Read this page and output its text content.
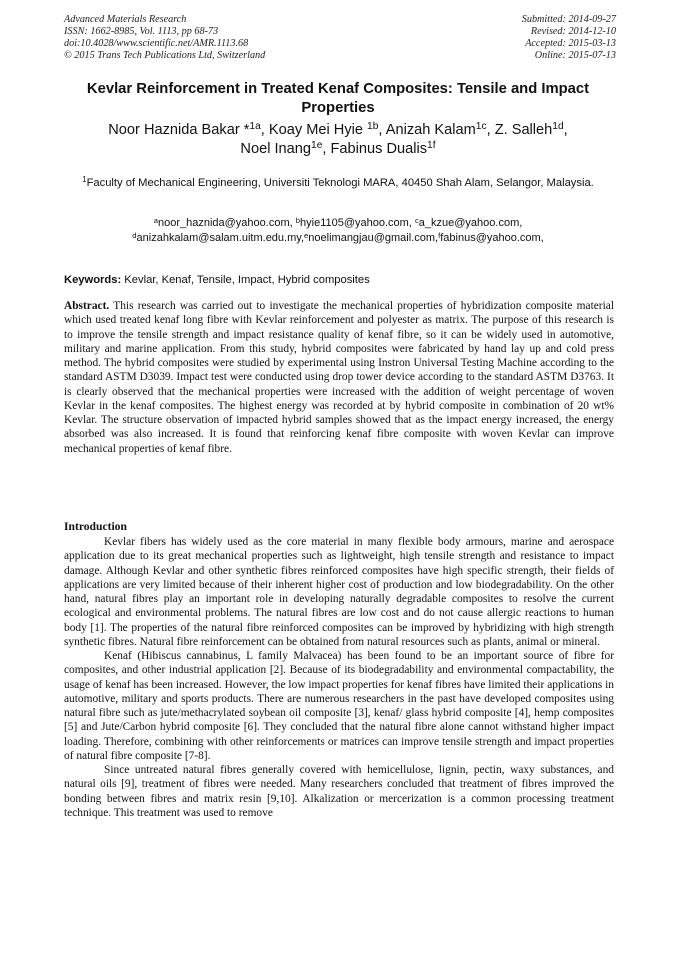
Advanced Materials Research
ISSN: 1662-8985, Vol. 1113, pp 68-73
doi:10.4028/www.scientific.net/AMR.1113.68
© 2015 Trans Tech Publications Ltd, Switzerland
Submitted: 2014-09-27
Revised: 2014-12-10
Accepted: 2015-03-13
Online: 2015-07-13
Kevlar Reinforcement in Treated Kenaf Composites: Tensile and Impact Properties
Noor Haznida Bakar *$^{1a}$, Koay Mei Hyie $^{1b}$, Anizah Kalam$^{1c}$, Z. Salleh$^{1d}$,
Noel Inang$^{1e}$, Fabinus Dualis$^{1f}$
$^1$Faculty of Mechanical Engineering, Universiti Teknologi MARA, 40450 Shah Alam, Selangor, Malaysia.
$^a$noor_haznida@yahoo.com, $^b$hyie1105@yahoo.com, $^c$a_kzue@yahoo.com,
$^d$anizahkalam@salam.uitm.edu.my,$^e$noelimangjau@gmail.com,$^f$fabinus@yahoo.com,
Keywords: Kevlar, Kenaf, Tensile, Impact, Hybrid composites
Abstract. This research was carried out to investigate the mechanical properties of hybridization composite material which used treated kenaf long fibre with Kevlar reinforcement and polyester as matrix. The purpose of this research is to improve the tensile strength and impact resistance quality of kenaf fibre, so it can be widely used in automotive, military and marine application. From this study, hybrid composites were fabricated by hand lay up and cold press method. The hybrid composites were studied by experimental using Instron Universal Testing Machine according to the standard ASTM D3039. Impact test were conducted using drop tower device according to the standard ASTM D3763. It is clearly observed that the mechanical properties were increased with the addition of weight percentage of woven Kevlar in the kenaf composites. The highest energy was recorded at by hybrid composite in combination of 20 wt% Kevlar. The structure observation of impacted hybrid samples showed that as the impact energy increased, the energy absorbed was also increased. It is found that reinforcing kenaf fibre composite with woven Kevlar can improve mechanical properties of kenaf fibre.
Introduction

Kevlar fibers has widely used as the core material in many flexible body armours, marine and aerospace application due to its great mechanical properties such as lightweight, high tensile strength and resistance to impact damage. Although Kevlar and other synthetic fibres reinforced composites have high specific strength, their fields of applications are very limited because of their inherent higher cost of production and low biodegradability. On the other hand, natural fibres play an important role in developing naturally degradable composites to resolve the current ecological and environmental problems. The natural fibres are low cost and do not cause allergic reactions to human body [1]. The properties of the natural fibre reinforced composites can be improved by hybridizing with high strength synthetic fibres. Natural fibre reinforcement can be obtained from natural resources such as plants, animal or mineral.

Kenaf (Hibiscus cannabinus, L family Malvacea) has been found to be an important source of fibre for composites, and other industrial application [2]. Because of its biodegradability and environmental compactability, the usage of kenaf has been increased. However, the low impact properties for kenaf fibres have limited their applications in automotive, military and sports products. There are numerous researchers in the past have developed composites using natural fibre such as jute/methacrylated soybean oil composite [3], kenaf/ glass hybrid composite [4], hemp composites [5] and Jute/Carbon hybrid composite [6]. They concluded that the natural fibre alone cannot withstand higher impact loading. Therefore, combining with other reinforcements or matrices can improve tensile strength and impact properties of natural fibre composite [7-8].

Since untreated natural fibres generally covered with hemicellulose, lignin, pectin, waxy substances, and natural oils [9], treatment of fibres were needed. Many researchers concluded that treatment of fibres improved the bonding between fibres and matrix resin [9,10]. Alkalization or mercerization is a common processing treatment technique. This treatment was used to remove
